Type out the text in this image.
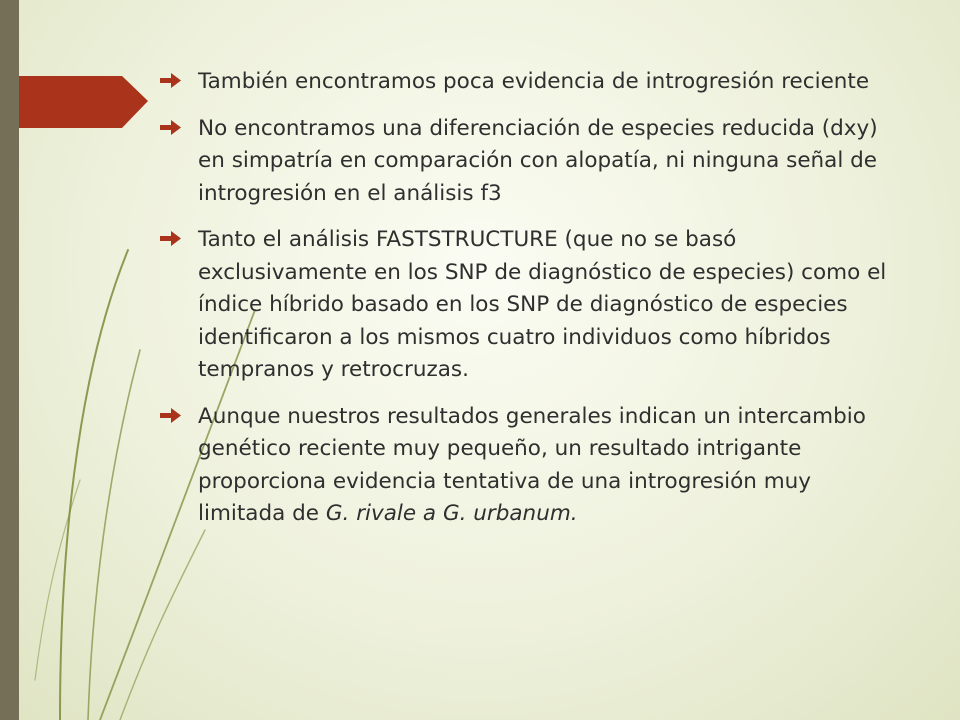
También encontramos poca evidencia de introgresión reciente
No encontramos una diferenciación de especies reducida (dxy) en simpatría en comparación con alopatía, ni ninguna señal de introgresión en el análisis f3
Tanto el análisis FASTSTRUCTURE (que no se basó exclusivamente en los SNP de diagnóstico de especies) como el índice híbrido basado en los SNP de diagnóstico de especies identificaron a los mismos cuatro individuos como híbridos tempranos y retrocruzas.
Aunque nuestros resultados generales indican un intercambio genético reciente muy pequeño, un resultado intrigante proporciona evidencia tentativa de una introgresión muy limitada de G. rivale a G. urbanum.
